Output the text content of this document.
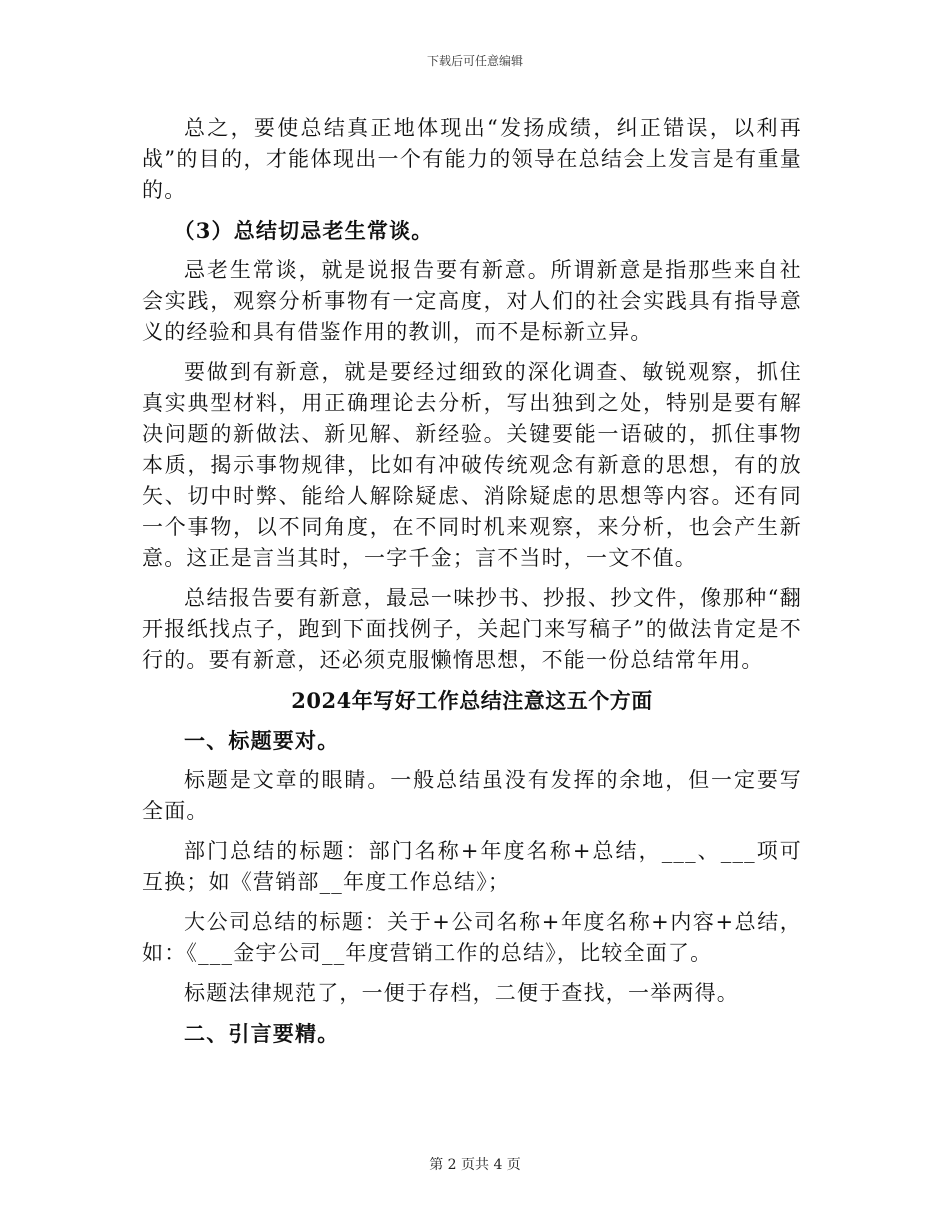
下载后可任意编辑

总之，要使总结真正地体现出“发扬成绩，纠正错误，以利再战”的目的，才能体现出一个有能力的领导在总结会上发言是有重量的。

（3）总结切忌老生常谈。

忌老生常谈，就是说报告要有新意。所谓新意是指那些来自社会实践，观察分析事物有一定高度，对人们的社会实践具有指导意义的经验和具有借鉴作用的教训，而不是标新立异。

要做到有新意，就是要经过细致的深化调查、敏锐观察，抓住真实典型材料，用正确理论去分析，写出独到之处，特别是要有解决问题的新做法、新见解、新经验。关键要能一语破的，抓住事物本质，揭示事物规律，比如有冲破传统观念有新意的思想，有的放矢、切中时弊、能给人解除疑虑、消除疑虑的思想等内容。还有同一个事物，以不同角度，在不同时机来观察，来分析，也会产生新意。这正是言当其时，一字千金；言不当时，一文不值。

总结报告要有新意，最忌一味抄书、抄报、抄文件，像那种“翻开报纸找点子，跑到下面找例子，关起门来写稿子”的做法肯定是不行的。要有新意，还必须克服懒惰思想，不能一份总结常年用。

2024年写好工作总结注意这五个方面

一、标题要对。

标题是文章的眼睛。一般总结虽没有发挥的余地，但一定要写全面。

部门总结的标题：部门名称+年度名称+总结，___、___项可互换；如《营销部__年度工作总结》；

大公司总结的标题：关于+公司名称+年度名称+内容+总结，如：《___金宇公司__年度营销工作的总结》，比较全面了。

标题法律规范了，一便于存档，二便于查找，一举两得。

二、引言要精。

第 2 页共 4 页
